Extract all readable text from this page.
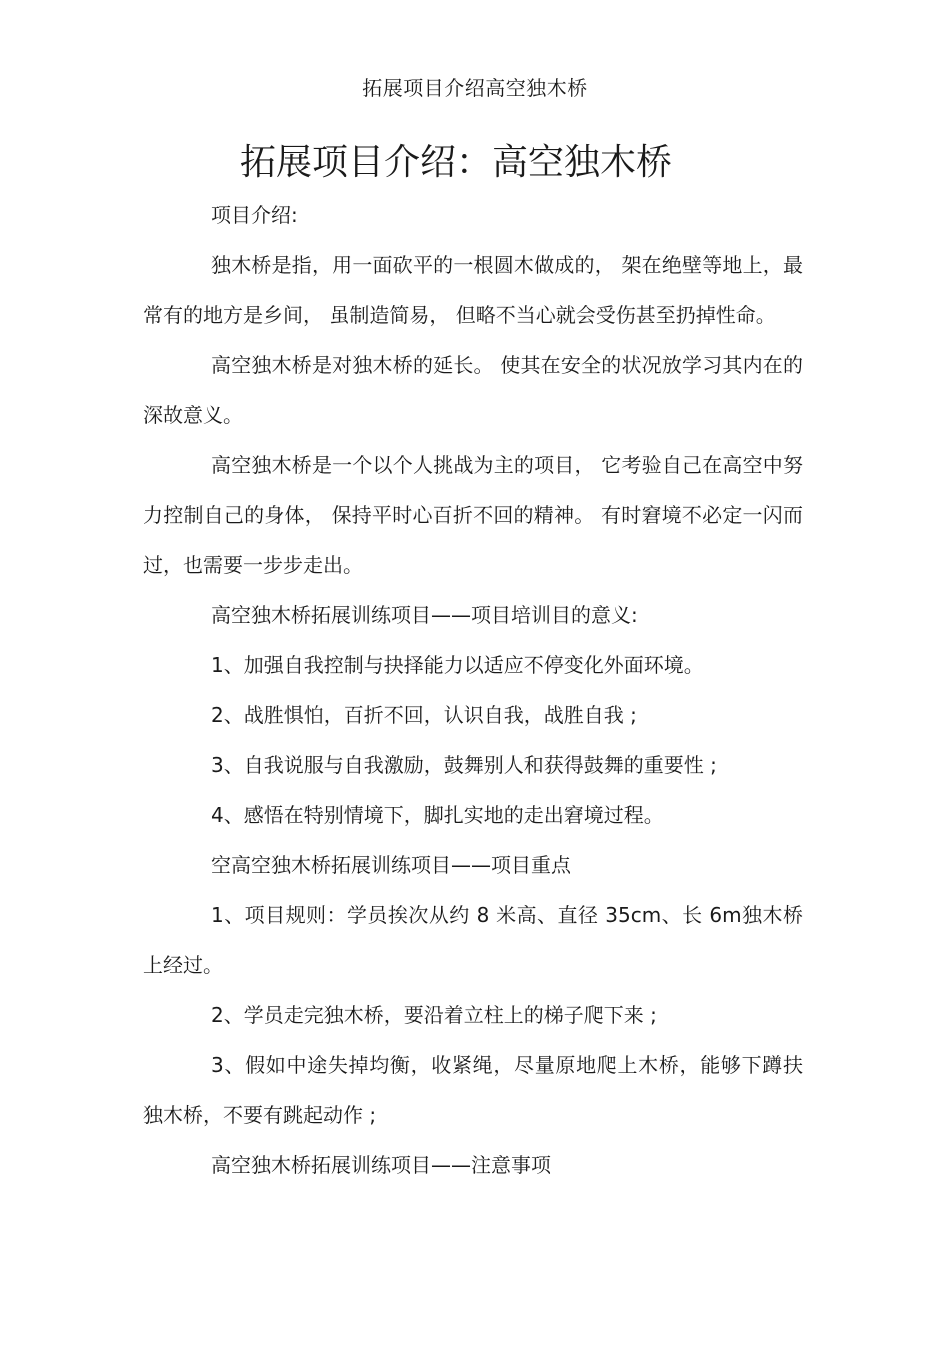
拓展项目介绍高空独木桥
拓展项目介绍：高空独木桥

项目介绍:

独木桥是指，用一面砍平的一根圆木做成的， 架在绝壁等地上，最常有的地方是乡间， 虽制造简易， 但略不当心就会受伤甚至扔掉性命。

高空独木桥是对独木桥的延长。 使其在安全的状况放学习其内在的深故意义。

高空独木桥是一个以个人挑战为主的项目， 它考验自己在高空中努力控制自己的身体， 保持平时心百折不回的精神。 有时窘境不必定一闪而过，也需要一步步走出。

高空独木桥拓展训练项目——项目培训目的意义:

1、加强自我控制与抉择能力以适应不停变化外面环境。

2、战胜惧怕，百折不回，认识自我，战胜自我 ;

3、自我说服与自我激励，鼓舞别人和获得鼓舞的重要性 ;

4、感悟在特别情境下，脚扎实地的走出窘境过程。

空高空独木桥拓展训练项目——项目重点

1、项目规则：学员挨次从约 8 米高、直径 35cm、长 6m独木桥上经过。

2、学员走完独木桥，要沿着立柱上的梯子爬下来 ;

3、假如中途失掉均衡，收紧绳，尽量原地爬上木桥，能够下蹲扶 独木桥，不要有跳起动作 ;

高空独木桥拓展训练项目——注意事项
